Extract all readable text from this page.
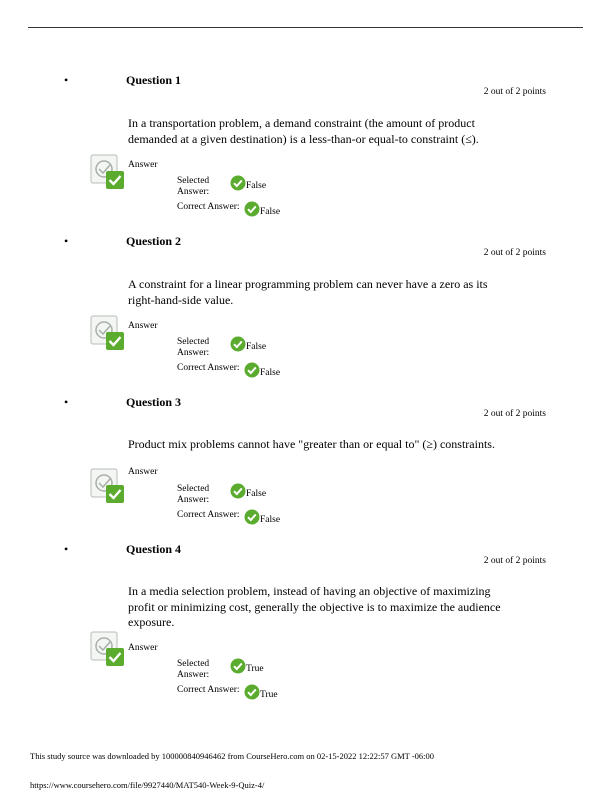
•	Question 1
2 out of 2 points
In a transportation problem, a demand constraint (the amount of product demanded at a given destination) is a less-than-or equal-to constraint (≤).
Answer
Selected Answer:
False
Correct Answer: False
•	Question 2
2 out of 2 points
A constraint for a linear programming problem can never have a zero as its right-hand-side value.
Answer
Selected Answer:
False
Correct Answer: False
•	Question 3
2 out of 2 points
Product mix problems cannot have "greater than or equal to" (≥) constraints.
Answer
Selected Answer:
False
Correct Answer: False
•	Question 4
2 out of 2 points
In a media selection problem, instead of having an objective of maximizing profit or minimizing cost, generally the objective is to maximize the audience exposure.
Answer
Selected Answer:
True
Correct Answer: True
This study source was downloaded by 100000840946462 from CourseHero.com on 02-15-2022 12:22:57 GMT -06:00
https://www.coursehero.com/file/9927440/MAT540-Week-9-Quiz-4/
